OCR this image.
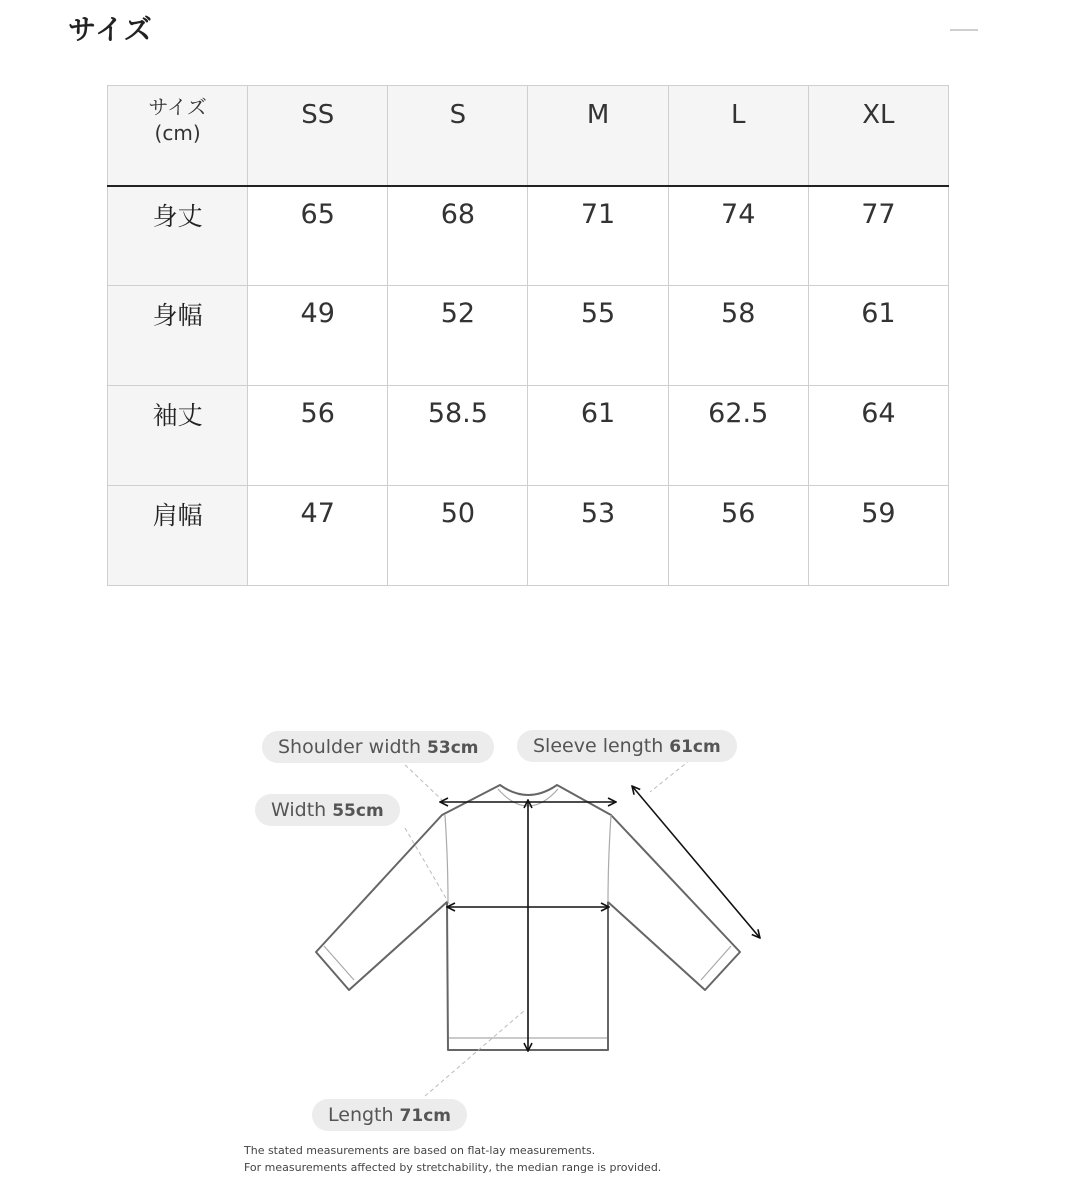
サイズ
サイズ
(cm)	SS	S	M	L	XL
身丈	65	68	71	74	77
身幅	49	52	55	58	61
袖丈	56	58.5	61	62.5	64
肩幅	47	50	53	56	59
Shoulder width 53cm	Sleeve length 61cm
Width 55cm
Length 71cm

The stated measurements are based on flat-lay measurements.

For measurements affected by stretchability, the median range is provided.
